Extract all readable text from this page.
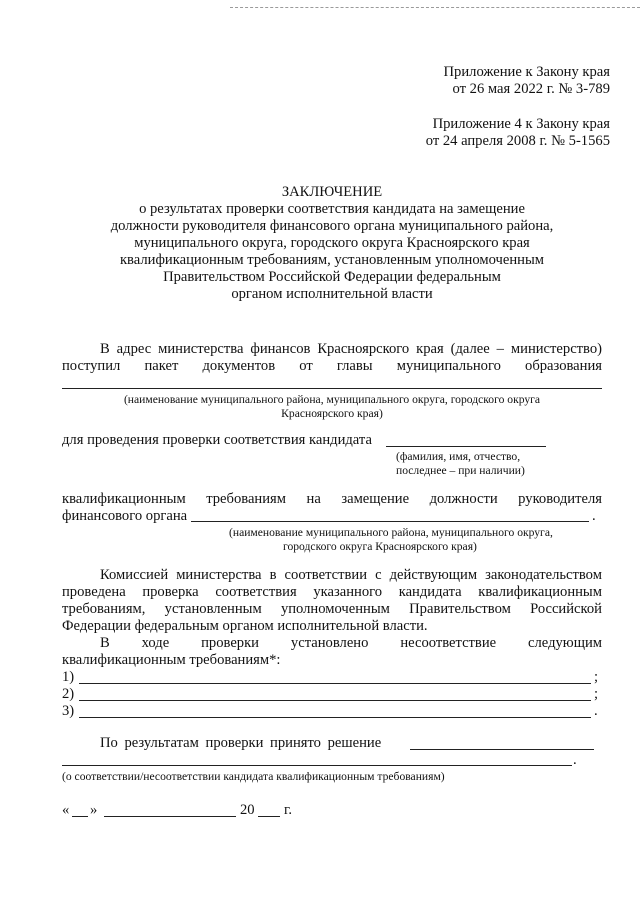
Приложение к Закону края
от 26 мая 2022 г. № 3-789
Приложение 4 к Закону края
от 24 апреля 2008 г. № 5-1565
ЗАКЛЮЧЕНИЕ
о результатах проверки соответствия кандидата на замещение
должности руководителя финансового органа муниципального района,
муниципального округа, городского округа Красноярского края
квалификационным требованиям, установленным уполномоченным
Правительством Российской Федерации федеральным
органом исполнительной власти
В адрес министерства финансов Красноярского края (далее – министерство)
поступил пакет документов от главы муниципального образования
(наименование муниципального района, муниципального округа, городского округа
Красноярского края)
для проведения проверки соответствия кандидата
(фамилия, имя, отчество,
последнее – при наличии)
квалификационным требованиям на замещение должности руководителя
финансового органа	.
(наименование муниципального района, муниципального округа,
городского округа Красноярского края)
Комиссией министерства в соответствии с действующим законодательством
проведена проверка соответствия указанного кандидата квалификационным
требованиям, установленным уполномоченным Правительством Российской
Федерации федеральным органом исполнительной власти.
В ходе проверки установлено несоответствие следующим
квалификационным требованиям*:
1)	;
2)	;
3)	.
По результатам проверки принято решение
.
(о соответствии/несоответствии кандидата квалификационным требованиям)
« »	20 г.
